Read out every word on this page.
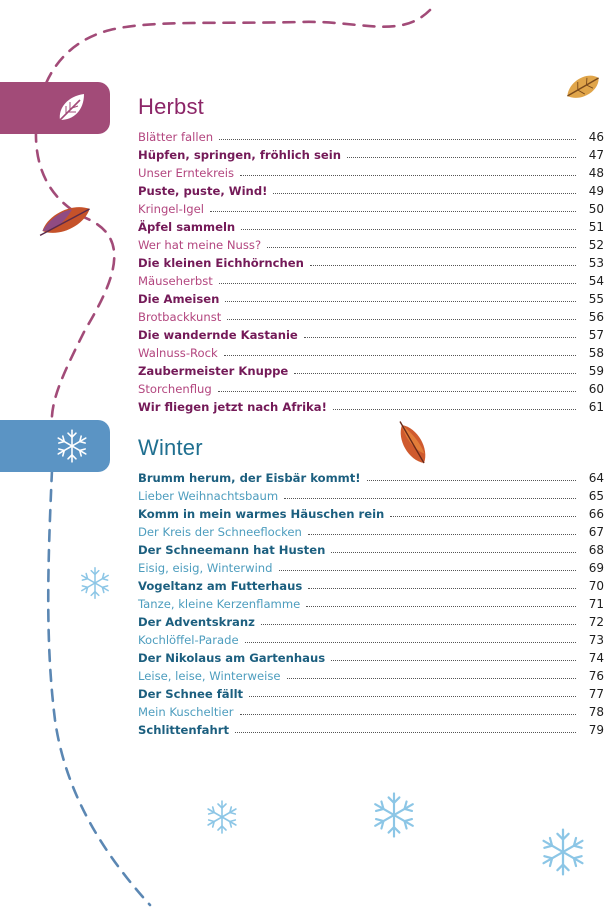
Herbst
Blätter fallen	46
Hüpfen, springen, fröhlich sein	47
Unser Erntekreis	48
Puste, puste, Wind!	49
Kringel-Igel	50
Äpfel sammeln	51
Wer hat meine Nuss?	52
Die kleinen Eichhörnchen	53
Mäuseherbst	54
Die Ameisen	55
Brotbackkunst	56
Die wandernde Kastanie	57
Walnuss-Rock	58
Zaubermeister Knuppe	59
Storchenflug	60
Wir fliegen jetzt nach Afrika!	61
Winter
Brumm herum, der Eisbär kommt!	64
Lieber Weihnachtsbaum	65
Komm in mein warmes Häuschen rein	66
Der Kreis der Schneeflocken	67
Der Schneemann hat Husten	68
Eisig, eisig, Winterwind	69
Vogeltanz am Futterhaus	70
Tanze, kleine Kerzenflamme	71
Der Adventskranz	72
Kochlöffel-Parade	73
Der Nikolaus am Gartenhaus	74
Leise, leise, Winterweise	76
Der Schnee fällt	77
Mein Kuscheltier	78
Schlittenfahrt	79
